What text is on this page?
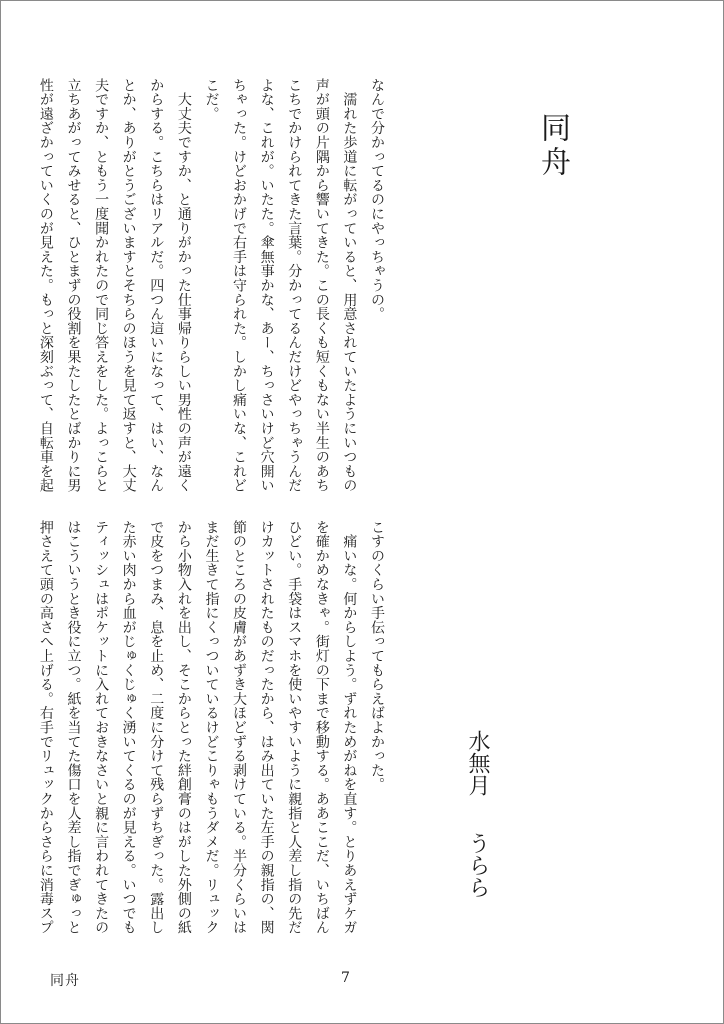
同舟
水無月うらら

なんで分かってるのにやっちゃうの。

　濡れた歩道に転がっていると、用意されていたようにいつもの

声が頭の片隅から響いてきた。この長くも短くもない半生のあち

こちでかけられてきた言葉。分かってるんだけどやっちゃうんだ

よな、これが。いたた。傘無事かな、あー、ちっさいけど穴開い

ちゃった。けどおかげで右手は守られた。しかし痛いな、これど

こだ。

　大丈夫ですか、と通りがかった仕事帰りらしい男性の声が遠く

からする。こちらはリアルだ。四つん這いになって、はい、なん

とか、ありがとうございますとそちらのほうを見て返すと、大丈

夫ですか、ともう一度聞かれたので同じ答えをした。よっこらと

立ちあがってみせると、ひとまずの役割を果たしたとばかりに男

性が遠ざかっていくのが見えた。もっと深刻ぶって、自転車を起

こすのくらい手伝ってもらえばよかった。

　痛いな。何からしよう。ずれためがねを直す。とりあえずケガ

を確かめなきゃ。街灯の下まで移動する。ああここだ、いちばん

ひどい。手袋はスマホを使いやすいように親指と人差し指の先だ

けカットされたものだったから、はみ出ていた左手の親指の、関

節のところの皮膚があずき大ほどずる剥けている。半分くらいは

まだ生きて指にくっついているけどこりゃもうダメだ。リュック

から小物入れを出し、そこからとった絆創膏のはがした外側の紙

で皮をつまみ、息を止め、二度に分けて残らずちぎった。露出し

た赤い肉から血がじゅくじゅく湧いてくるのが見える。いつでも

ティッシュはポケットに入れておきなさいと親に言われてきたの

はこういうとき役に立つ。紙を当てた傷口を人差し指でぎゅっと

押さえて頭の高さへ上げる。右手でリュックからさらに消毒スプ

同舟	7
